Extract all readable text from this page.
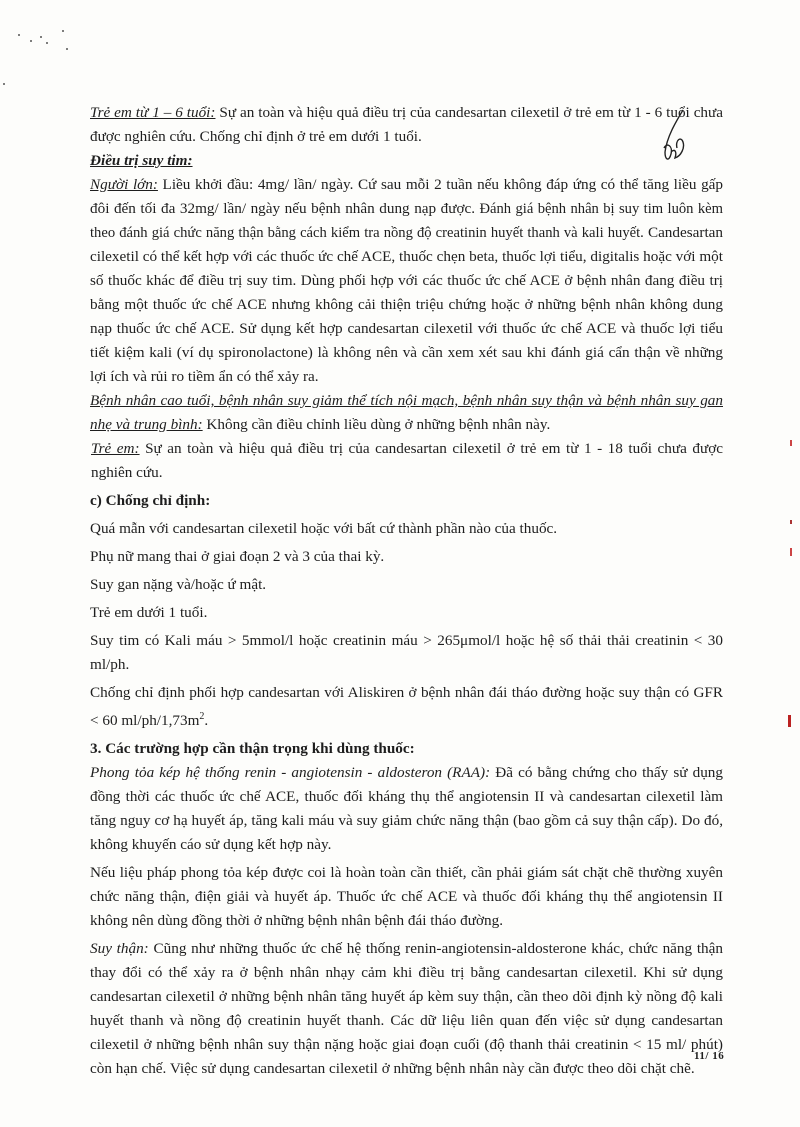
Trẻ em từ 1 – 6 tuổi: Sự an toàn và hiệu quả điều trị của candesartan cilexetil ở trẻ em từ 1 - 6 tuổi chưa được nghiên cứu. Chống chỉ định ở trẻ em dưới 1 tuổi.

Điều trị suy tim:

Người lớn: Liều khởi đầu: 4mg/ lần/ ngày. Cứ sau mỗi 2 tuần nếu không đáp ứng có thể tăng liều gấp đôi đến tối đa 32mg/ lần/ ngày nếu bệnh nhân dung nạp được. Đánh giá bệnh nhân bị suy tim luôn kèm theo đánh giá chức năng thận bằng cách kiểm tra nồng độ creatinin huyết thanh và kali huyết. Candesartan cilexetil có thể kết hợp với các thuốc ức chế ACE, thuốc chẹn beta, thuốc lợi tiểu, digitalis hoặc với một số thuốc khác để điều trị suy tim. Dùng phối hợp với các thuốc ức chế ACE ở bệnh nhân đang điều trị bằng một thuốc ức chế ACE nhưng không cải thiện triệu chứng hoặc ở những bệnh nhân không dung nạp thuốc ức chế ACE. Sử dụng kết hợp candesartan cilexetil với thuốc ức chế ACE và thuốc lợi tiểu tiết kiệm kali (ví dụ spironolactone) là không nên và cần xem xét sau khi đánh giá cẩn thận về những lợi ích và rủi ro tiềm ẩn có thể xảy ra.

Bệnh nhân cao tuổi, bệnh nhân suy giảm thể tích nội mạch, bệnh nhân suy thận và bệnh nhân suy gan nhẹ và trung bình: Không cần điều chỉnh liều dùng ở những bệnh nhân này.

Trẻ em: Sự an toàn và hiệu quả điều trị của candesartan cilexetil ở trẻ em từ 1 - 18 tuổi chưa được nghiên cứu.

c) Chống chỉ định:

Quá mẫn với candesartan cilexetil hoặc với bất cứ thành phần nào của thuốc.

Phụ nữ mang thai ở giai đoạn 2 và 3 của thai kỳ.

Suy gan nặng và/hoặc ứ mật.

Trẻ em dưới 1 tuổi.

Suy tim có Kali máu > 5mmol/l hoặc creatinin máu > 265μmol/l hoặc hệ số thải thải creatinin < 30 ml/ph.

Chống chỉ định phối hợp candesartan với Aliskiren ở bệnh nhân đái tháo đường hoặc suy thận có GFR < 60 $ml/ph/1,73m^2$.

3. Các trường hợp cần thận trọng khi dùng thuốc:

Phong tỏa kép hệ thống renin - angiotensin - aldosteron (RAA): Đã có bằng chứng cho thấy sử dụng đồng thời các thuốc ức chế ACE, thuốc đối kháng thụ thể angiotensin II và candesartan cilexetil làm tăng nguy cơ hạ huyết áp, tăng kali máu và suy giảm chức năng thận (bao gồm cả suy thận cấp). Do đó, không khuyến cáo sử dụng kết hợp này.

Nếu liệu pháp phong tỏa kép được coi là hoàn toàn cần thiết, cần phải giám sát chặt chẽ thường xuyên chức năng thận, điện giải và huyết áp. Thuốc ức chế ACE và thuốc đối kháng thụ thể angiotensin II không nên dùng đồng thời ở những bệnh nhân bệnh đái tháo đường.

Suy thận: Cũng như những thuốc ức chế hệ thống renin-angiotensin-aldosterone khác, chức năng thận thay đổi có thể xảy ra ở bệnh nhân nhạy cảm khi điều trị bằng candesartan cilexetil. Khi sử dụng candesartan cilexetil ở những bệnh nhân tăng huyết áp kèm suy thận, cần theo dõi định kỳ nồng độ kali huyết thanh và nồng độ creatinin huyết thanh. Các dữ liệu liên quan đến việc sử dụng candesartan cilexetil ở những bệnh nhân suy thận nặng hoặc giai đoạn cuối (độ thanh thải creatinin < 15 ml/ phút) còn hạn chế. Việc sử dụng candesartan cilexetil ở những bệnh nhân này cần được theo dõi chặt chẽ.

11/ 16
